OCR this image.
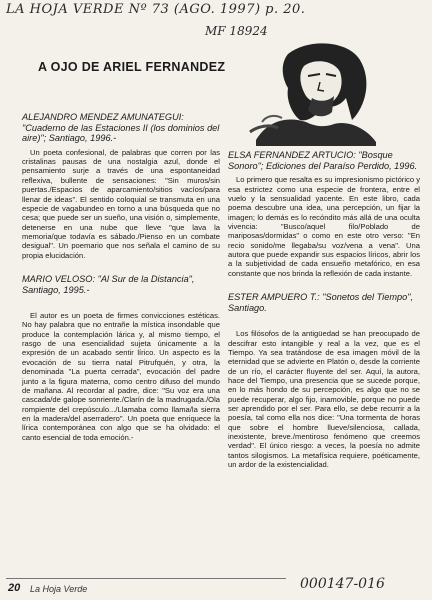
LA HOJA VERDE Nº 73 (AGO. 1997) p. 20.
MF 18924
A OJO DE ARIEL FERNANDEZ
ALEJANDRO MENDEZ AMUNATEGUI: "Cuaderno de las Estaciones II (los dominios del aire)"; Santiago, 1996.-

Un poeta confesional, de palabras que corren por las cristalinas pausas de una nostalgia azul, donde el pensamiento surje a través de una espontaneidad reflexiva, bullente de sensaciones: "Sin muros/sin puertas./Espacios de aparcamiento/sitios vacíos/para llenar de ideas". El sentido coloquial se transmuta en una especie de vagabundeo en torno a una búsqueda que no cesa; que puede ser un sueño, una visión o, simplemente, detenerse en una nube que lleve "que lava la memoria/que todavía es sábado./Pienso en un combate desigual". Un poemario que nos señala el camino de su propia elucidación.

MARIO VELOSO: "Al Sur de la Distancia", Santiago, 1995.-

El autor es un poeta de firmes convicciones estéticas. No hay palabra que no entrañe la mística insondable que produce la contemplación lárica y, al mismo tiempo, el rasgo de una esencialidad sujeta únicamente a la expresión de un acabado sentir lírico. Un aspecto es la evocación de su tierra natal Pitrufquén, y otra, la denominada "La puerta cerrada", evocación del padre junto a la figura materna, como centro difuso del mundo de mañana. Al recordar al padre, dice: "Su voz era una cascada/de galope sonriente./Clarín de la madrugada./Ola rompiente del crepúsculo.../Llamaba como llama/la sierra en la madera/del aserradero". Un poeta que enriquece la lírica contemporánea con algo que se ha olvidado: el canto esencial de toda emoción.-

ELSA FERNANDEZ ARTUCIO: "Bosque Sonoro"; Ediciones del Paraíso Perdido, 1996.

Lo primero que resalta es su impresionismo pictórico y esa estrictez como una especie de frontera, entre el vuelo y la sensualidad yacente. En este libro, cada poema descubre una idea, una percepción, un fijar la imagen; lo demás es lo recóndito más allá de una oculta vivencia: "Busco/aquel filo/Poblado de mariposas/dormidas" o como en este otro verso: "En recio sonido/me llegaba/su voz/vena a vena". Una autora que puede expandir sus espacios líricos, abrir los a la subjetividad de cada ensueño metafórico, en esa constante que nos brinda la reflexión de cada instante.

ESTER AMPUERO T.: "Sonetos del Tiempo", Santiago.

Los filósofos de la antigüedad se han preocupado de descifrar esto intangible y real a la vez, que es el Tiempo. Ya sea tratándose de esa imagen móvil de la eternidad que se advierte en Platón o, desde la corriente de un río, el carácter fluyente del ser. Aquí, la autora, hace del Tiempo, una presencia que se sucede porque, en lo más hondo de su percepción, es algo que no se puede recuperar, algo fijo, inamovible, porque no puede ser aprendido por el ser. Para ello, se debe recurrir a la poesía, tal como ella nos dice: "Una tormenta de horas que sobre el hombre llueve/silenciosa, callada, inexistente, breve./mentiroso fenómeno que creemos verdad". El único riesgo: a veces, la poesía no admite tantos silogismos. La metafísica requiere, poéticamente, un ardor de la existencialidad.

20 La Hoja Verde	000147-016
